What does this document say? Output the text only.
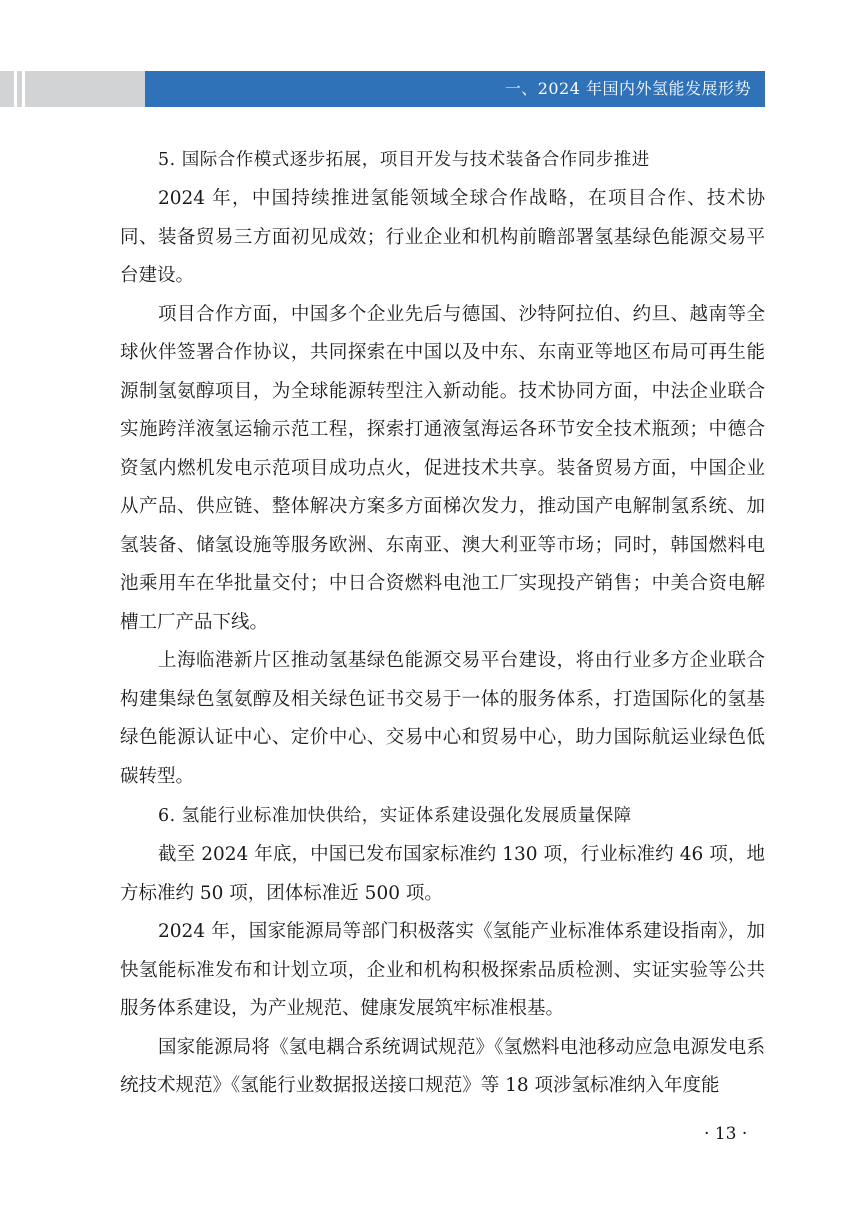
一、2024 年国内外氢能发展形势
5. 国际合作模式逐步拓展，项目开发与技术装备合作同步推进

2024 年，中国持续推进氢能领域全球合作战略，在项目合作、技术协同、装备贸易三方面初见成效；行业企业和机构前瞻部署氢基绿色能源交易平台建设。

项目合作方面，中国多个企业先后与德国、沙特阿拉伯、约旦、越南等全球伙伴签署合作协议，共同探索在中国以及中东、东南亚等地区布局可再生能源制氢氨醇项目，为全球能源转型注入新动能。技术协同方面，中法企业联合实施跨洋液氢运输示范工程，探索打通液氢海运各环节安全技术瓶颈；中德合资氢内燃机发电示范项目成功点火，促进技术共享。装备贸易方面，中国企业从产品、供应链、整体解决方案多方面梯次发力，推动国产电解制氢系统、加氢装备、储氢设施等服务欧洲、东南亚、澳大利亚等市场；同时，韩国燃料电池乘用车在华批量交付；中日合资燃料电池工厂实现投产销售；中美合资电解槽工厂产品下线。

上海临港新片区推动氢基绿色能源交易平台建设，将由行业多方企业联合构建集绿色氢氨醇及相关绿色证书交易于一体的服务体系，打造国际化的氢基绿色能源认证中心、定价中心、交易中心和贸易中心，助力国际航运业绿色低碳转型。

6. 氢能行业标准加快供给，实证体系建设强化发展质量保障

截至 2024 年底，中国已发布国家标准约 130 项，行业标准约 46 项，地方标准约 50 项，团体标准近 500 项。

2024 年，国家能源局等部门积极落实《氢能产业标准体系建设指南》，加快氢能标准发布和计划立项，企业和机构积极探索品质检测、实证实验等公共服务体系建设，为产业规范、健康发展筑牢标准根基。

国家能源局将《氢电耦合系统调试规范》《氢燃料电池移动应急电源发电系统技术规范》《氢能行业数据报送接口规范》等 18 项涉氢标准纳入年度能

· 13 ·
